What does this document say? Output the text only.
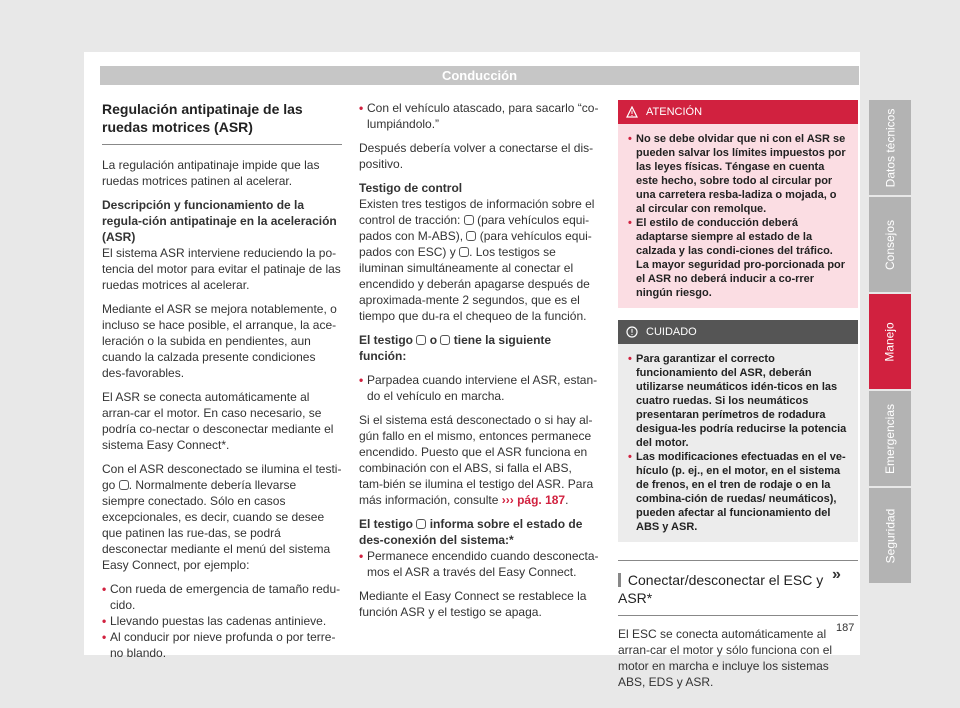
Conducción
Regulación antipatinaje de las ruedas motrices (ASR)

La regulación antipatinaje impide que las ruedas motrices patinen al acelerar.

Descripción y funcionamiento de la regula-ción antipatinaje en la aceleración (ASR)

El sistema ASR interviene reduciendo la po-tencia del motor para evitar el patinaje de las ruedas motrices al acelerar.

Mediante el ASR se mejora notablemente, o incluso se hace posible, el arranque, la ace-leración o la subida en pendientes, aun cuando la calzada presente condiciones des-favorables.

El ASR se conecta automáticamente al arran-car el motor. En caso necesario, se podría co-nectar o desconectar mediante el sistema Easy Connect*.

Con el ASR desconectado se ilumina el testi-go . Normalmente debería llevarse siempre conectado. Sólo en casos excepcionales, es decir, cuando se desee que patinen las rue-das, se podrá desconectar mediante el menú del sistema Easy Connect, por ejemplo:

• Con rueda de emergencia de tamaño redu-cido.
• Llevando puestas las cadenas antinieve.
• Al conducir por nieve profunda o por terre-no blando.
• Con el vehículo atascado, para sacarlo “co-lumpiándolo.”

Después debería volver a conectarse el dis-positivo.

Testigo de control

Existen tres testigos de información sobre el control de tracción: (para vehículos equi-pados con M-ABS), (para vehículos equi-pados con ESC) y . Los testigos se iluminan simultáneamente al conectar el encendido y deberán apagarse después de aproximada-mente 2 segundos, que es el tiempo que du-ra el chequeo de la función.

El testigo o tiene la siguiente función:

• Parpadea cuando interviene el ASR, estan-do el vehículo en marcha.

Si el sistema está desconectado o si hay al-gún fallo en el mismo, entonces permanece encendido. Puesto que el ASR funciona en combinación con el ABS, si falla el ABS, tam-bién se ilumina el testigo del ASR. Para más información, consulte ››› pág. 187.

El testigo informa sobre el estado de des-conexión del sistema:*

• Permanece encendido cuando desconecta-mos el ASR a través del Easy Connect.

Mediante el Easy Connect se restablece la función ASR y el testigo se apaga.

ATENCIÓN
• No se debe olvidar que ni con el ASR se pueden salvar los límites impuestos por las leyes físicas. Téngase en cuenta este hecho, sobre todo al circular por una carretera resba-ladiza o mojada, o al circular con remolque.
• El estilo de conducción deberá adaptarse siempre al estado de la calzada y las condi-ciones del tráfico. La mayor seguridad pro-porcionada por el ASR no deberá inducir a co-rrer ningún riesgo.
CUIDADO
• Para garantizar el correcto funcionamiento del ASR, deberán utilizarse neumáticos idén-ticos en las cuatro ruedas. Si los neumáticos presentaran perímetros de rodadura desigua-les podría reducirse la potencia del motor.
• Las modificaciones efectuadas en el ve-hículo (p. ej., en el motor, en el sistema de frenos, en el tren de rodaje o en la combina-ción de ruedas/ neumáticos), pueden afectar al funcionamiento del ABS y ASR.
Conectar/desconectar el ESC y ASR*

El ESC se conecta automáticamente al arran-car el motor y sólo funciona con el motor en marcha e incluye los sistemas ABS, EDS y ASR.

»
187
Datos técnicos
Consejos
Manejo
Emergencias
Seguridad
